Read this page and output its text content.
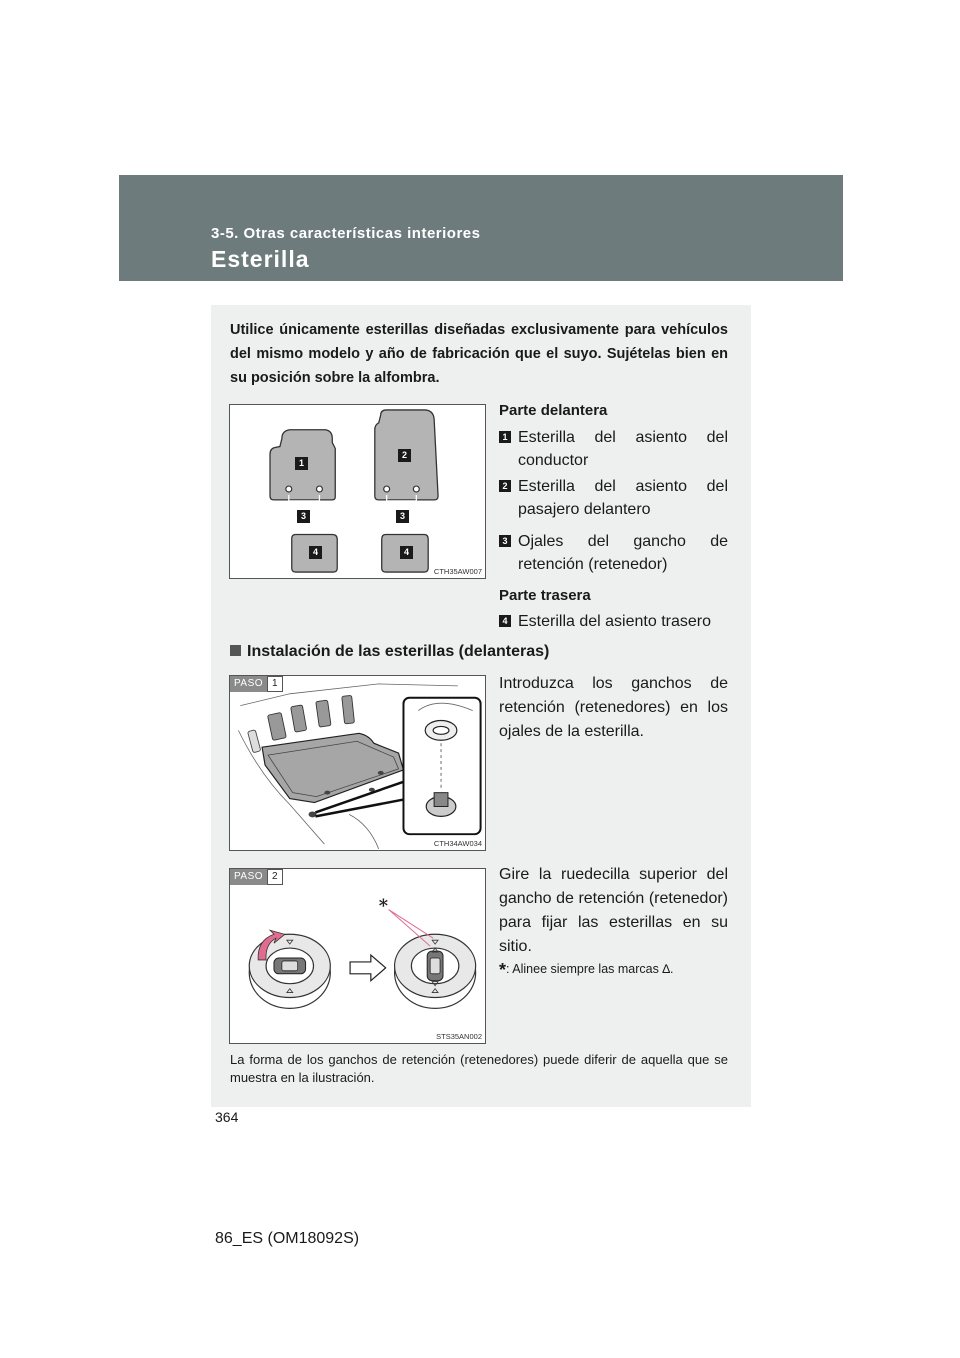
3-5. Otras características interiores
Esterilla
Utilice únicamente esterillas diseñadas exclusivamente para vehículos del mismo modelo y año de fabricación que el suyo. Sujételas bien en su posición sobre la alfombra.
1
2
3	3
4	4
CTH35AW007
Parte delantera
1 Esterilla del asiento del conductor
2 Esterilla del asiento del pasajero delantero
3 Ojales del gancho de retención (retenedor)
Parte trasera
4 Esterilla del asiento trasero
Instalación de las esterillas (delanteras)
PASO 1
CTH34AW034
Introduzca los ganchos de retención (retenedores) en los ojales de la esterilla.
*
PASO 2
STS35AN002
Gire la ruedecilla superior del gancho de retención (retenedor) para fijar las esterillas en su sitio.
*: Alinee siempre las marcas ∆.
La forma de los ganchos de retención (retenedores) puede diferir de aquella que se muestra en la ilustración.
364
86_ES (OM18092S)
